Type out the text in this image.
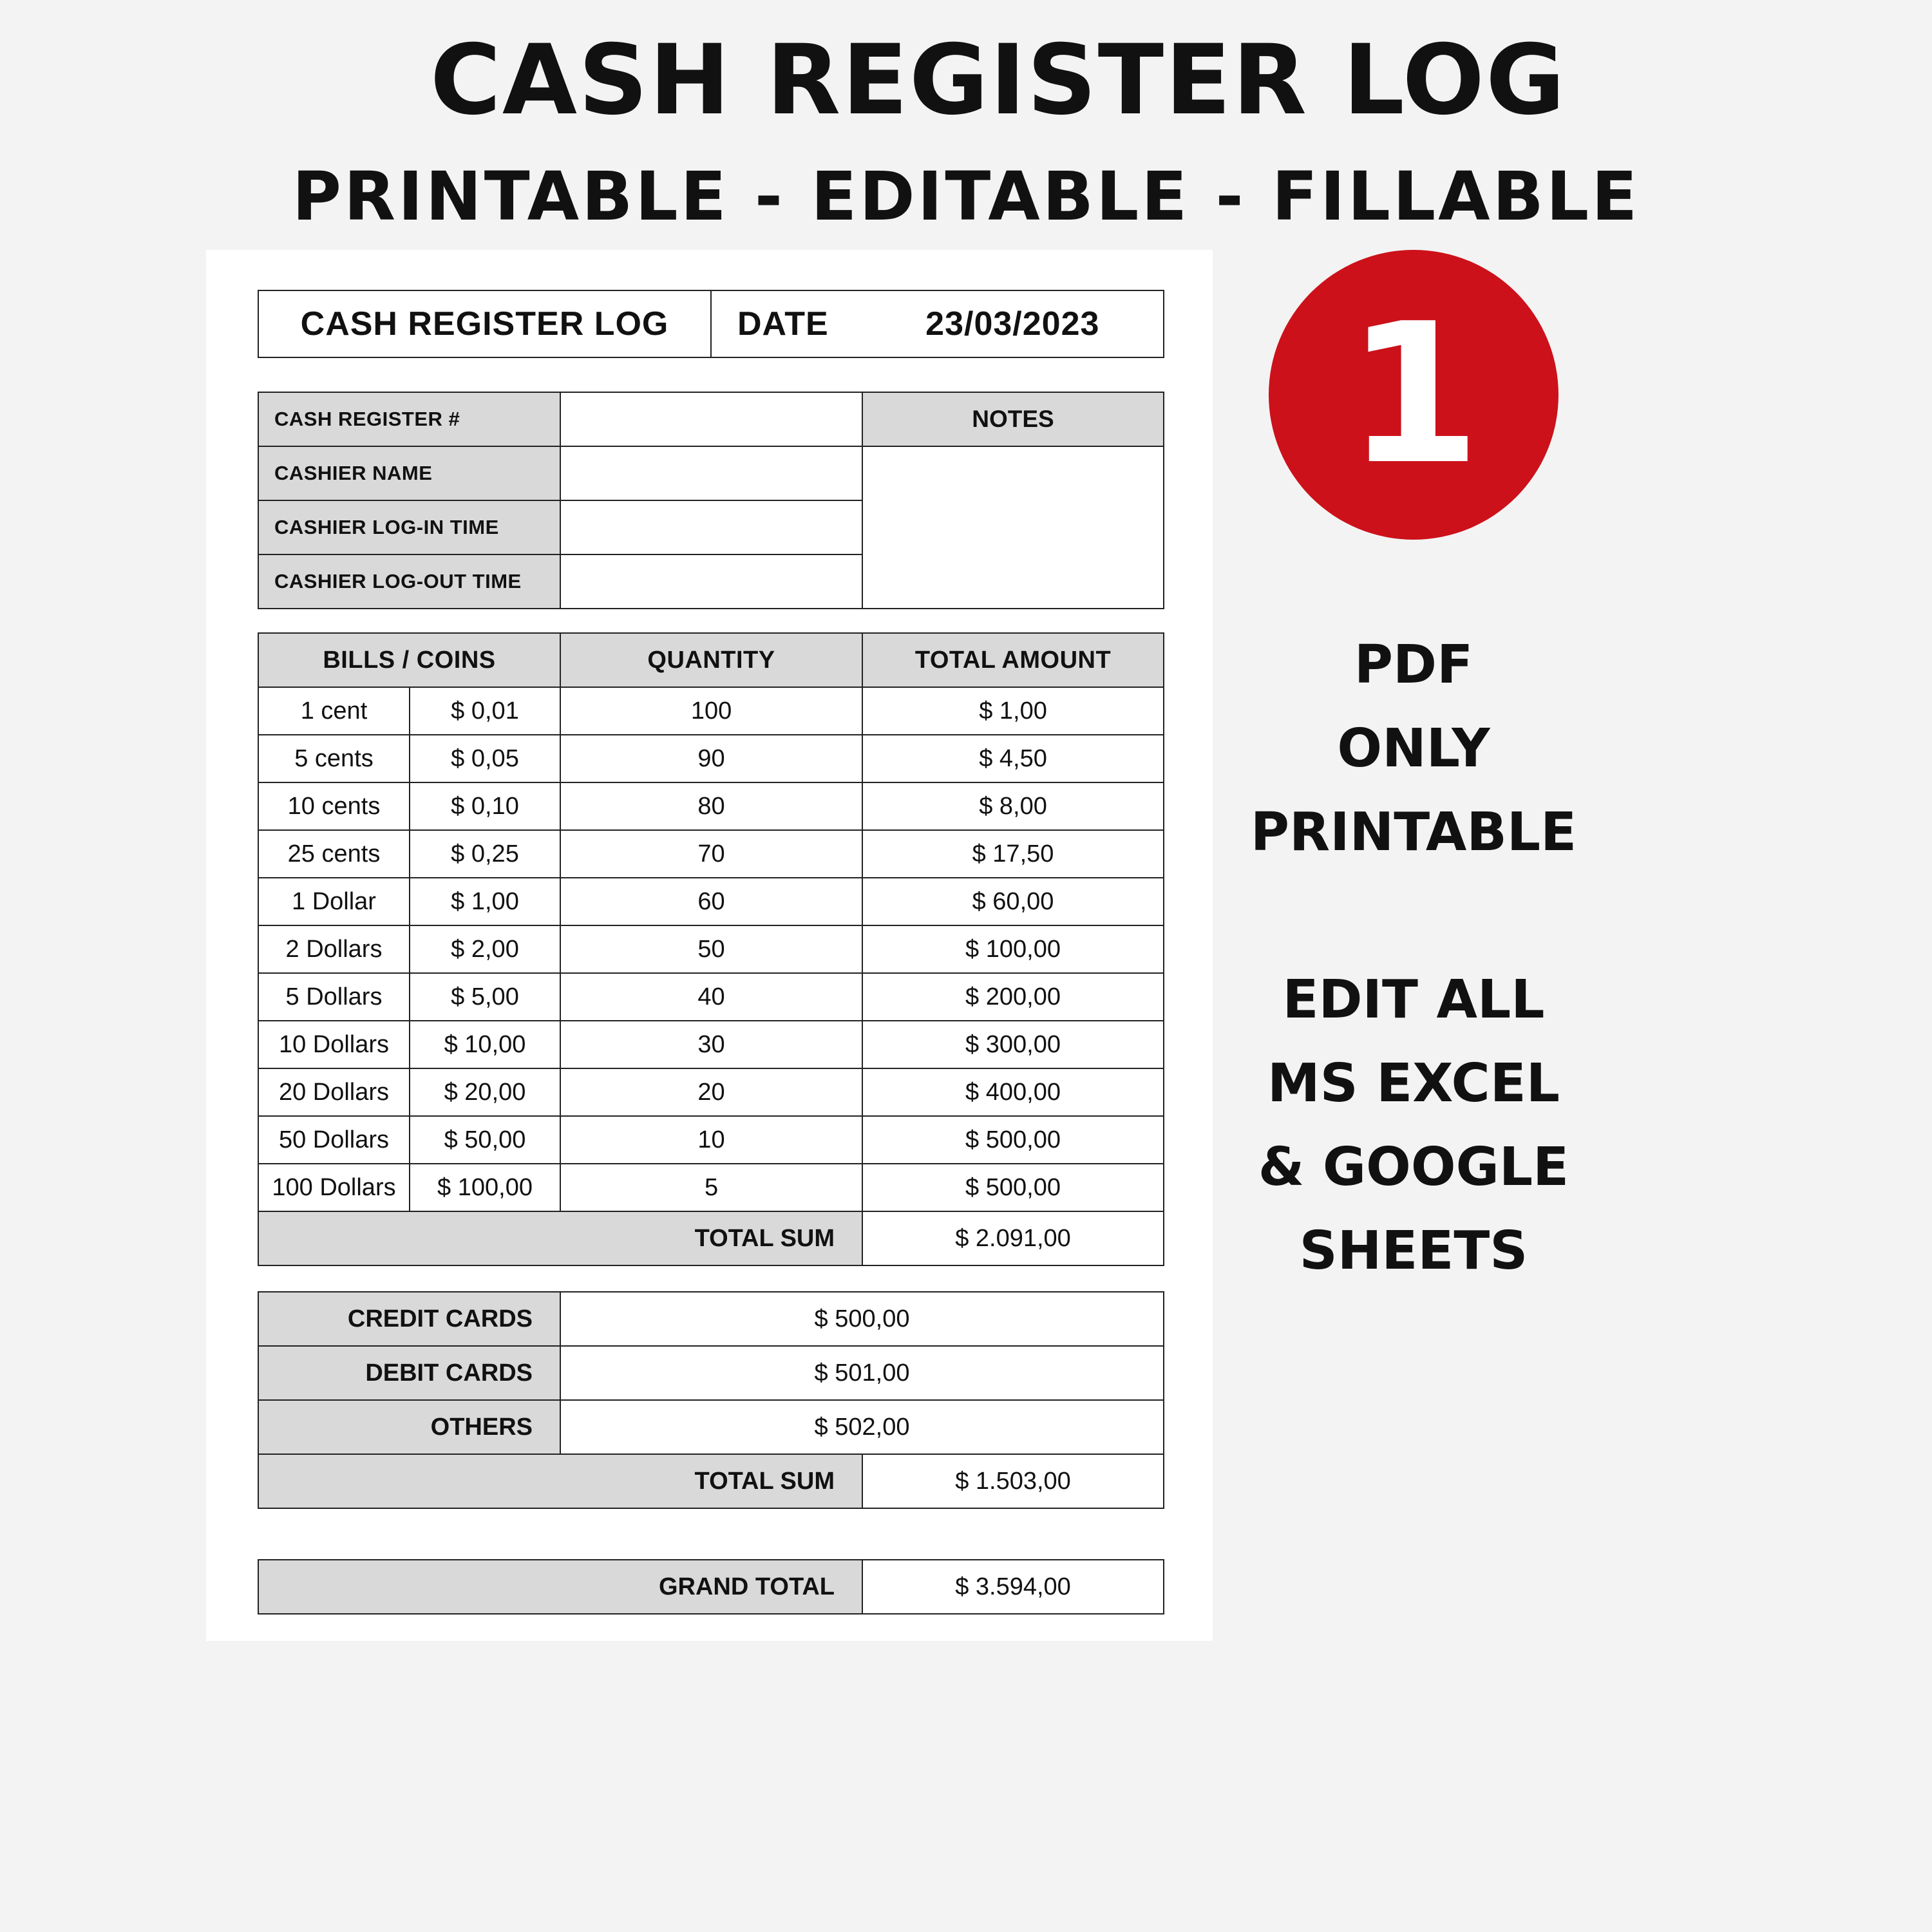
CASH REGISTER LOG
PRINTABLE - EDITABLE - FILLABLE
CASH REGISTER LOG	DATE	23/03/2023
CASH REGISTER #		NOTES
CASHIER NAME		
CASHIER LOG-IN TIME		
CASHIER LOG-OUT TIME		
BILLS / COINS		QUANTITY	TOTAL AMOUNT
1 cent	$ 0,01	100	$ 1,00
5 cents	$ 0,05	90	$ 4,50
10 cents	$ 0,10	80	$ 8,00
25 cents	$ 0,25	70	$ 17,50
1 Dollar	$ 1,00	60	$ 60,00
2 Dollars	$ 2,00	50	$ 100,00
5 Dollars	$ 5,00	40	$ 200,00
10 Dollars	$ 10,00	30	$ 300,00
20 Dollars	$ 20,00	20	$ 400,00
50 Dollars	$ 50,00	10	$ 500,00
100 Dollars	$ 100,00	5	$ 500,00
TOTAL SUM			$ 2.091,00
CREDIT CARDS	$ 500,00	
DEBIT CARDS	$ 501,00	
OTHERS	$ 502,00	
TOTAL SUM		$ 1.503,00
GRAND TOTAL	$ 3.594,00
1
PDF
ONLY
PRINTABLE
EDIT ALL
MS EXCEL
& GOOGLE
SHEETS
